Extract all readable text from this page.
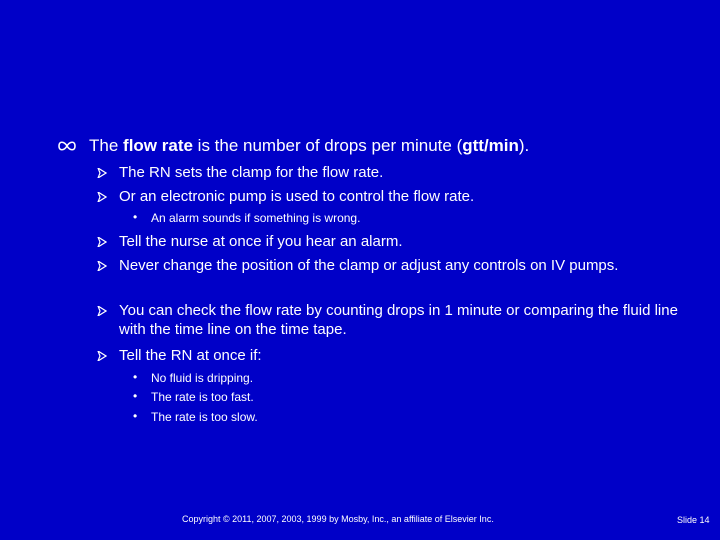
The flow rate is the number of drops per minute (gtt/min).
The RN sets the clamp for the flow rate.
Or an electronic pump is used to control the flow rate.
• An alarm sounds if something is wrong.
Tell the nurse at once if you hear an alarm.
Never change the position of the clamp or adjust any controls on IV pumps.
You can check the flow rate by counting drops in 1 minute or comparing the fluid line with the time line on the time tape.
Tell the RN at once if:
• No fluid is dripping.
• The rate is too fast.
• The rate is too slow.
Copyright © 2011, 2007, 2003, 1999 by Mosby, Inc., an affiliate of Elsevier Inc.	Slide 14
